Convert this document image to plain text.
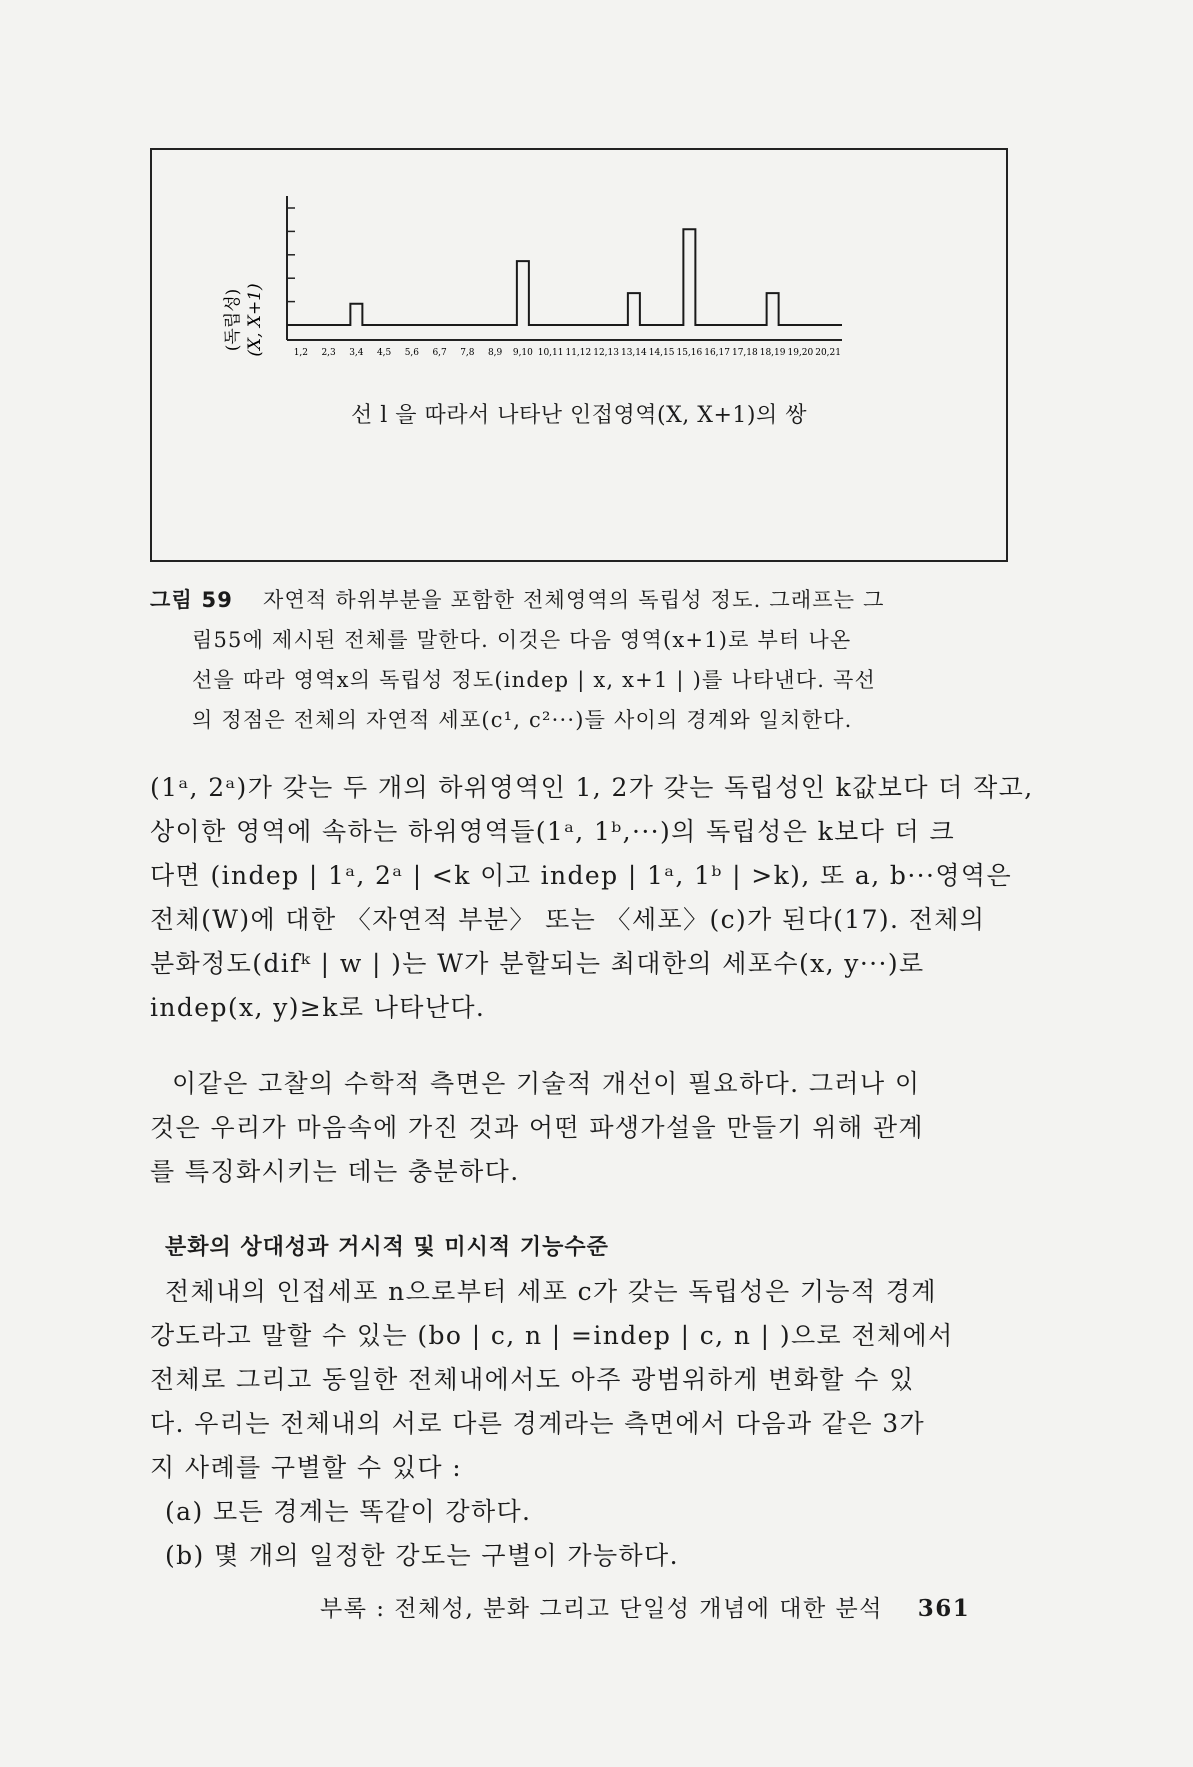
(독립성) (X, X+1)	1,2 2,3 3,4 4,5 5,6 6,7 7,8 8,9 9,10 10,11 11,12 12,13 13,14 14,15 15,16 16,17 17,18 18,19 19,20 20,21
선 l 을 따라서 나타난 인접영역(X, X+1)의 쌍
그림 59 자연적 하위부분을 포함한 전체영역의 독립성 정도. 그래프는 그
림55에 제시된 전체를 말한다. 이것은 다음 영역(x+1)로 부터 나온
선을 따라 영역x의 독립성 정도(indep | x, x+1 | )를 나타낸다. 곡선
의 정점은 전체의 자연적 세포(c¹, c²···)들 사이의 경계와 일치한다.
(1ᵃ, 2ᵃ)가 갖는 두 개의 하위영역인 1, 2가 갖는 독립성인 k값보다 더 작고,
상이한 영역에 속하는 하위영역들(1ᵃ, 1ᵇ,···)의 독립성은 k보다 더 크
다면 (indep | 1ᵃ, 2ᵃ | <k 이고 indep | 1ᵃ, 1ᵇ | >k), 또 a, b···영역은
전체(W)에 대한 〈자연적 부분〉 또는 〈세포〉(c)가 된다(17). 전체의
분화정도(difᵏ | w | )는 W가 분할되는 최대한의 세포수(x, y···)로
indep(x, y)≥k로 나타난다.
이같은 고찰의 수학적 측면은 기술적 개선이 필요하다. 그러나 이
것은 우리가 마음속에 가진 것과 어떤 파생가설을 만들기 위해 관계
를 특징화시키는 데는 충분하다.
분화의 상대성과 거시적 및 미시적 기능수준
전체내의 인접세포 n으로부터 세포 c가 갖는 독립성은 기능적 경계
강도라고 말할 수 있는 (bo | c, n | =indep | c, n | )으로 전체에서
전체로 그리고 동일한 전체내에서도 아주 광범위하게 변화할 수 있
다. 우리는 전체내의 서로 다른 경계라는 측면에서 다음과 같은 3가
지 사례를 구별할 수 있다 :
(a) 모든 경계는 똑같이 강하다.
(b) 몇 개의 일정한 강도는 구별이 가능하다.
부록 : 전체성, 분화 그리고 단일성 개념에 대한 분석 361
